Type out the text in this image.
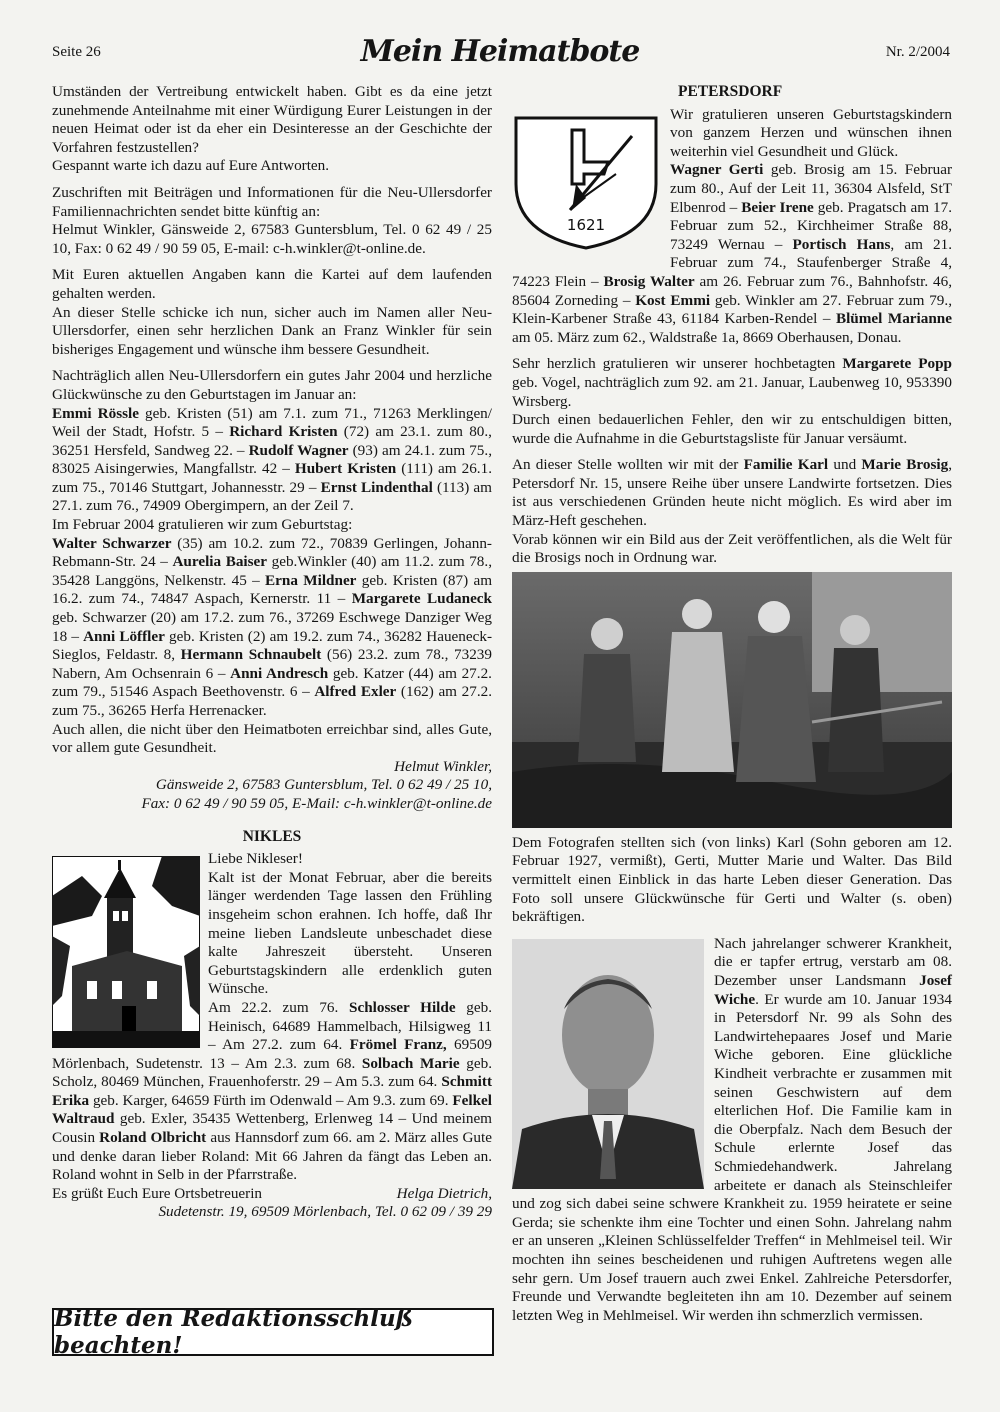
Seite 26	Mein Heimatbote	Nr. 2/2004

Umständen der Vertreibung entwickelt haben. Gibt es da eine jetzt zunehmende Anteilnahme mit einer Würdigung Eurer Leistungen in der neuen Heimat oder ist da eher ein Desinteresse an der Geschichte der Vorfahren festzustellen?

Gespannt warte ich dazu auf Eure Antworten.

Zuschriften mit Beiträgen und Informationen für die Neu-Ullersdorfer Familiennachrichten sendet bitte künftig an:

Helmut Winkler, Gänsweide 2, 67583 Guntersblum, Tel. 0 62 49 / 25 10, Fax: 0 62 49 / 90 59 05, E-mail: c-h.winkler@t-online.de.

Mit Euren aktuellen Angaben kann die Kartei auf dem laufenden gehalten werden.

An dieser Stelle schicke ich nun, sicher auch im Namen aller Neu-Ullersdorfer, einen sehr herzlichen Dank an Franz Winkler für sein bisheriges Engagement und wünsche ihm bessere Gesundheit.

Nachträglich allen Neu-Ullersdorfern ein gutes Jahr 2004 und herzliche Glückwünsche zu den Geburtstagen im Januar an:

Emmi Rössle geb. Kristen (51) am 7.1. zum 71., 71263 Merklingen/ Weil der Stadt, Hofstr. 5 – Richard Kristen (72) am 23.1. zum 80., 36251 Hersfeld, Sandweg 22. – Rudolf Wagner (93) am 24.1. zum 75., 83025 Aisingerwies, Mangfallstr. 42 – Hubert Kristen (111) am 26.1. zum 75., 70146 Stuttgart, Johannesstr. 29 – Ernst Lindenthal (113) am 27.1. zum 76., 74909 Obergimpern, an der Zeil 7.

Im Februar 2004 gratulieren wir zum Geburtstag:

Walter Schwarzer (35) am 10.2. zum 72., 70839 Gerlingen, Johann-Rebmann-Str. 24 – Aurelia Baiser geb.Winkler (40) am 11.2. zum 78., 35428 Langgöns, Nelkenstr. 45 – Erna Mildner geb. Kristen (87) am 16.2. zum 74., 74847 Aspach, Kernerstr. 11 – Margarete Ludaneck geb. Schwarzer (20) am 17.2. zum 76., 37269 Eschwege Danziger Weg 18 – Anni Löffler geb. Kristen (2) am 19.2. zum 74., 36282 Haueneck-Sieglos, Feldastr. 8, Hermann Schnaubelt (56) 23.2. zum 78., 73239 Nabern, Am Ochsenrain 6 – Anni Andresch geb. Katzer (44) am 27.2. zum 79., 51546 Aspach Beethovenstr. 6 – Alfred Exler (162) am 27.2. zum 75., 36265 Herfa Herrenacker.

Auch allen, die nicht über den Heimatboten erreichbar sind, alles Gute, vor allem gute Gesundheit.

Helmut Winkler,
Gänsweide 2, 67583 Guntersblum, Tel. 0 62 49 / 25 10,
Fax: 0 62 49 / 90 59 05, E-Mail: c-h.winkler@t-online.de
NIKLES
Liebe Nikleser!

Kalt ist der Monat Februar, aber die bereits länger werdenden Tage lassen den Frühling insgeheim schon erahnen. Ich hoffe, daß Ihr meine lieben Landsleute unbeschadet diese kalte Jahreszeit übersteht. Unseren Geburtstagskindern alle erdenklich guten Wünsche.

Am 22.2. zum 76. Schlosser Hilde geb. Heinisch, 64689 Hammelbach, Hilsigweg 11 – Am 27.2. zum 64. Frömel Franz, 69509 Mörlenbach, Sudetenstr. 13 – Am 2.3. zum 68. Solbach Marie geb. Scholz, 80469 München, Frauenhoferstr. 29 – Am 5.3. zum 64. Schmitt Erika geb. Karger, 64659 Fürth im Odenwald – Am 9.3. zum 69. Felkel Waltraud geb. Exler, 35435 Wettenberg, Erlenweg 14 – Und meinem Cousin Roland Olbricht aus Hannsdorf zum 66. am 2. März alles Gute und denke daran lieber Roland: Mit 66 Jahren da fängt das Leben an. Roland wohnt in Selb in der Pfarrstraße.

Es grüßt Euch Eure Ortsbetreuerin	Helga Dietrich,
Sudetenstr. 19, 69509 Mörlenbach, Tel. 0 62 09 / 39 29
Bitte den Redaktionsschluß beachten!
PETERSDORF
1621

Wir gratulieren unseren Geburtstagskindern von ganzem Herzen und wünschen ihnen weiterhin viel Gesundheit und Glück.

Wagner Gerti geb. Brosig am 15. Februar zum 80., Auf der Leit 11, 36304 Alsfeld, StT Elbenrod – Beier Irene geb. Pragatsch am 17. Februar zum 52., Kirchheimer Straße 88, 73249 Wernau – Portisch Hans, am 21. Februar zum 74., Staufenberger Straße 4, 74223 Flein – Brosig Walter am 26. Februar zum 76., Bahnhofstr. 46, 85604 Zorneding – Kost Emmi geb. Winkler am 27. Februar zum 79., Klein-Karbener Straße 43, 61184 Karben-Rendel – Blümel Marianne am 05. März zum 62., Waldstraße 1a, 8669 Oberhausen, Donau.

Sehr herzlich gratulieren wir unserer hochbetagten Margarete Popp geb. Vogel, nachträglich zum 92. am 21. Januar, Laubenweg 10, 953390 Wirsberg.

Durch einen bedauerlichen Fehler, den wir zu entschuldigen bitten, wurde die Aufnahme in die Geburtstagsliste für Januar versäumt.

An dieser Stelle wollten wir mit der Familie Karl und Marie Brosig, Petersdorf Nr. 15, unsere Reihe über unsere Landwirte fortsetzen. Dies ist aus verschiedenen Gründen heute nicht möglich. Es wird aber im März-Heft geschehen.

Vorab können wir ein Bild aus der Zeit veröffentlichen, als die Welt für die Brosigs noch in Ordnung war.

Dem Fotografen stellten sich (von links) Karl (Sohn geboren am 12. Februar 1927, vermißt), Gerti, Mutter Marie und Walter. Das Bild vermittelt einen Einblick in das harte Leben dieser Generation. Das Foto soll unsere Glückwünsche für Gerti und Walter (s. oben) bekräftigen.

Nach jahrelanger schwerer Krankheit, die er tapfer ertrug, verstarb am 08. Dezember unser Landsmann Josef Wiche. Er wurde am 10. Januar 1934 in Petersdorf Nr. 99 als Sohn des Landwirtehepaares Josef und Marie Wiche geboren. Eine glückliche Kindheit verbrachte er zusammen mit seinen Geschwistern auf dem elterlichen Hof. Die Familie kam in die Oberpfalz. Nach dem Besuch der Schule erlernte Josef das Schmiedehandwerk. Jahrelang arbeitete er danach als Steinschleifer und zog sich dabei seine schwere Krankheit zu. 1959 heiratete er seine Gerda; sie schenkte ihm eine Tochter und einen Sohn. Jahrelang nahm er an unseren „Kleinen Schlüsselfelder Treffen“ in Mehlmeisel teil. Wir mochten ihn seines bescheidenen und ruhigen Auftretens wegen alle sehr gern. Um Josef trauern auch zwei Enkel. Zahlreiche Petersdorfer, Freunde und Verwandte begleiteten ihn am 10. Dezember auf seinem letzten Weg in Mehlmeisel. Wir werden ihn schmerzlich vermissen.
